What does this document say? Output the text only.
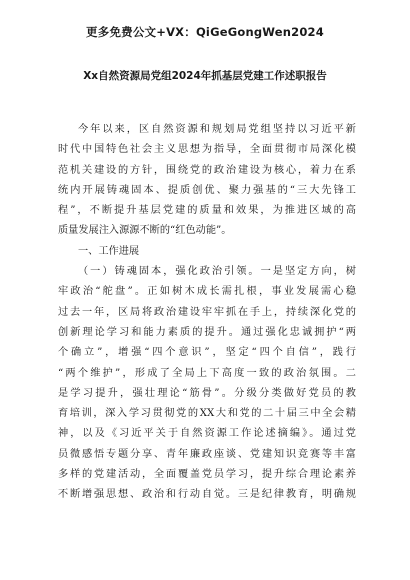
更多免费公文+VX：QiGeGongWen2024
Xx自然资源局党组2024年抓基层党建工作述职报告
今年以来，区自然资源和规划局党组坚持以习近平新
时代中国特色社会主义思想为指导，全面贯彻市局深化模
范机关建设的方针，围绕党的政治建设为核心，着力在系
统内开展铸魂固本、提质创优、聚力强基的“三大先锋工
程”，不断提升基层党建的质量和效果，为推进区域的高
质量发展注入源源不断的“红色动能”。
一、工作进展
（一）铸魂固本，强化政治引领。一是坚定方向，树
牢政治“舵盘”。正如树木成长需扎根，事业发展需心稳
过去一年，区局将政治建设牢牢抓在手上，持续深化党的
创新理论学习和能力素质的提升。通过强化忠诚拥护“两
个确立”，增强“四个意识”，坚定“四个自信”，践行
“两个维护”，形成了全局上下高度一致的政治氛围。二
是学习提升，强壮理论“筋骨”。分级分类做好党员的教
育培训，深入学习贯彻党的XX大和党的二十届三中全会精
神，以及《习近平关于自然资源工作论述摘编》。通过党
员微感悟专题分享、青年廉政座谈、党建知识竞赛等丰富
多样的党建活动，全面覆盖党员学习，提升综合理论素养
不断增强思想、政治和行动自觉。三是纪律教育，明确规
